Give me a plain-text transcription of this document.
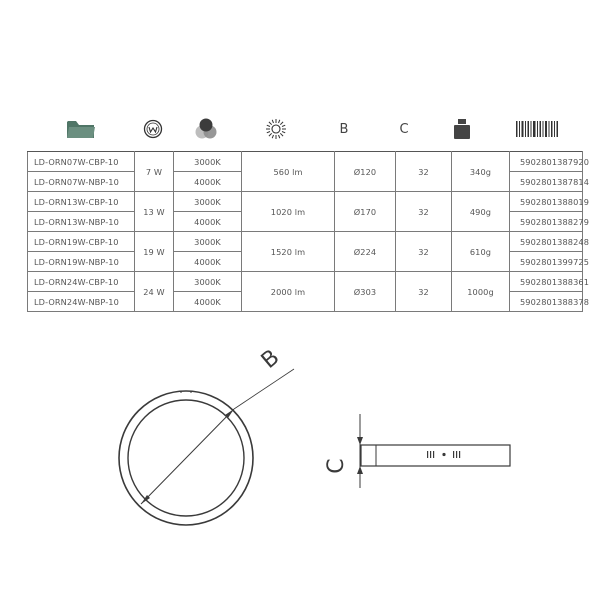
B	C
LD-ORN07W-CBP-10	7 W	3000K	560 lm	Ø120	32	340g	5902801387920
LD-ORN07W-NBP-10		4000K					5902801387814
LD-ORN13W-CBP-10	13 W	3000K	1020 lm	Ø170	32	490g	5902801388019
LD-ORN13W-NBP-10		4000K					5902801388279
LD-ORN19W-CBP-10	19 W	3000K	1520 lm	Ø224	32	610g	5902801388248
LD-ORN19W-NBP-10		4000K					5902801399725
LD-ORN24W-CBP-10	24 W	3000K	2000 lm	Ø303	32	1000g	5902801388361
LD-ORN24W-NBP-10		4000K					5902801388378
B
C
